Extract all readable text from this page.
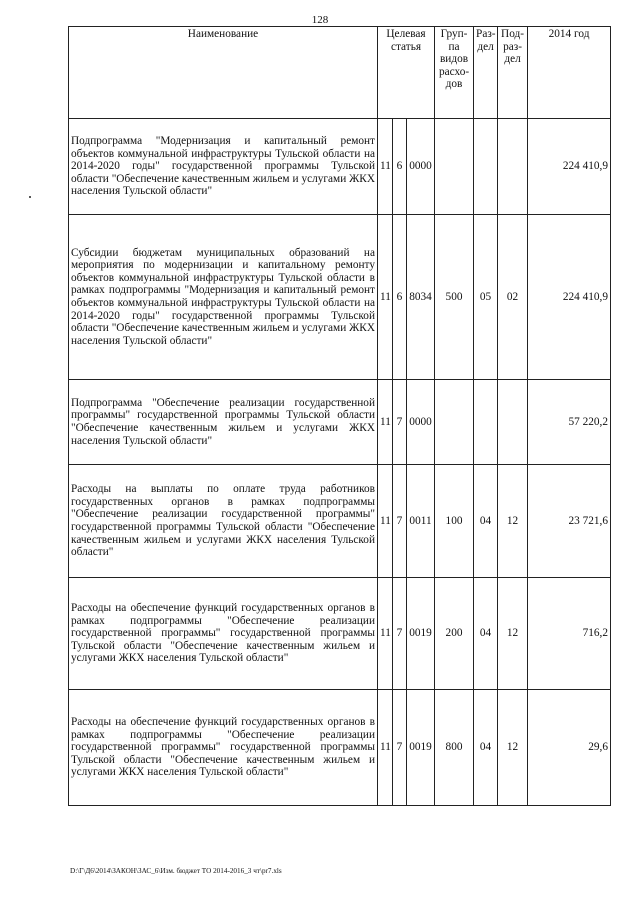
128
Наименование	Целевая статья			Груп-па видов расхо-дов	Раз-дел	Под-раз-дел	2014 год
Подпрограмма "Модернизация и капитальный ремонт объектов коммунальной инфраструктуры Тульской области на 2014-2020 годы" государственной программы Тульской области "Обеспечение качественным жильем и услугами ЖКХ населения Тульской области"	11	6	0000				224 410,9
Субсидии бюджетам муниципальных образований на мероприятия по модернизации и капитальному ремонту объектов коммунальной инфраструктуры Тульской области в рамках подпрограммы "Модернизация и капитальный ремонт объектов коммунальной инфраструктуры Тульской области на 2014-2020 годы" государственной программы Тульской области "Обеспечение качественным жильем и услугами ЖКХ населения Тульской области"	11	6	8034	500	05	02	224 410,9
Подпрограмма "Обеспечение реализации государственной программы" государственной программы Тульской области "Обеспечение качественным жильем и услугами ЖКХ населения Тульской области"	11	7	0000				57 220,2
Расходы на выплаты по оплате труда работников государственных органов в рамках подпрограммы "Обеспечение реализации государственной программы" государственной программы Тульской области "Обеспечение качественным жильем и услугами ЖКХ населения Тульской области"	11	7	0011	100	04	12	23 721,6
Расходы на обеспечение функций государственных органов в рамках подпрограммы "Обеспечение реализации государственной программы" государственной программы Тульской области "Обеспечение качественным жильем и услугами ЖКХ населения Тульской области"	11	7	0019	200	04	12	716,2
Расходы на обеспечение функций государственных органов в рамках подпрограммы "Обеспечение реализации государственной программы" государственной программы Тульской области "Обеспечение качественным жильем и услугами ЖКХ населения Тульской области"	11	7	0019	800	04	12	29,6
D:\Г\Д6\2014\ЗАКОН\ЗАС_6\Изм. бюджет ТО 2014-2016_3 чт\рr7.xls
